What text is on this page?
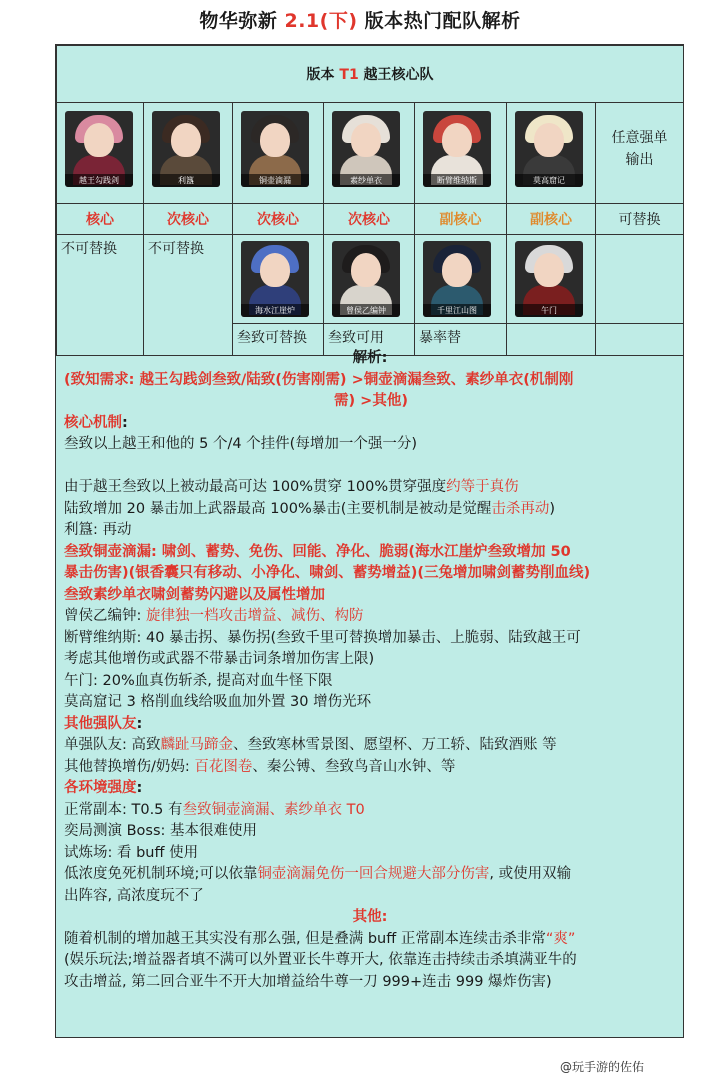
物华弥新 2.1(下) 版本热门配队解析
版本 T1 越王核心队						

越王勾践剑	利簋	铜壶滴漏	素纱单衣	断臂维纳斯	莫高窟记	任意强单
输出

核心	次核心	次核心	次核心	副核心	副核心	可替换
不可替换	不可替换	海水江崖炉	曾侯乙编钟	千里江山图	午门	

		叁致可替换	叁致可用	暴率替		
解析:
(致知需求: 越王勾践剑叁致/陆致(伤害刚需) >铜壶滴漏叁致、素纱单衣(机制刚
需) >其他)
核心机制:
叁致以上越王和他的 5 个/4 个挂件(每增加一个强一分)
由于越王叁致以上被动最高可达 100%贯穿 100%贯穿强度约等于真伤
陆致增加 20 暴击加上武器最高 100%暴击(主要机制是被动是觉醒击杀再动)
利簋: 再动
叁致铜壶滴漏: 啸剑、蓄势、免伤、回能、净化、脆弱(海水江崖炉叁致增加 50
暴击伤害)(银香囊只有移动、小净化、啸剑、蓄势增益)(三兔增加啸剑蓄势削血线)
叁致素纱单衣啸剑蓄势闪避以及属性增加
曾侯乙编钟: 旋律独一档攻击增益、减伤、构防
断臂维纳斯: 40 暴击拐、暴伤拐(叁致千里可替换增加暴击、上脆弱、陆致越王可
考虑其他增伤或武器不带暴击词条增加伤害上限)
午门: 20%血真伤斩杀, 提高对血牛怪下限
莫高窟记 3 格削血线给吸血加外置 30 增伤光环
其他强队友:
单强队友: 高致麟趾马蹄金、叁致寒林雪景图、愿望杯、万工轿、陆致酒账 等
其他替换增伤/奶妈: 百花图卷、秦公镈、叁致鸟音山水钟、等
各环境强度:
正常副本: T0.5 有叁致铜壶滴漏、素纱单衣 T0
奕局测演 Boss: 基本很难使用
试炼场: 看 buff 使用
低浓度免死机制环境;可以依靠铜壶滴漏免伤一回合规避大部分伤害, 或使用双输
出阵容, 高浓度玩不了
其他:
随着机制的增加越王其实没有那么强, 但是叠满 buff 正常副本连续击杀非常“爽”
(娱乐玩法;增益器者填不满可以外置亚长牛尊开大, 依靠连击持续击杀填满亚牛的
攻击增益, 第二回合亚牛不开大加增益给牛尊一刀 999+连击 999 爆炸伤害)
@玩手游的佐佑
